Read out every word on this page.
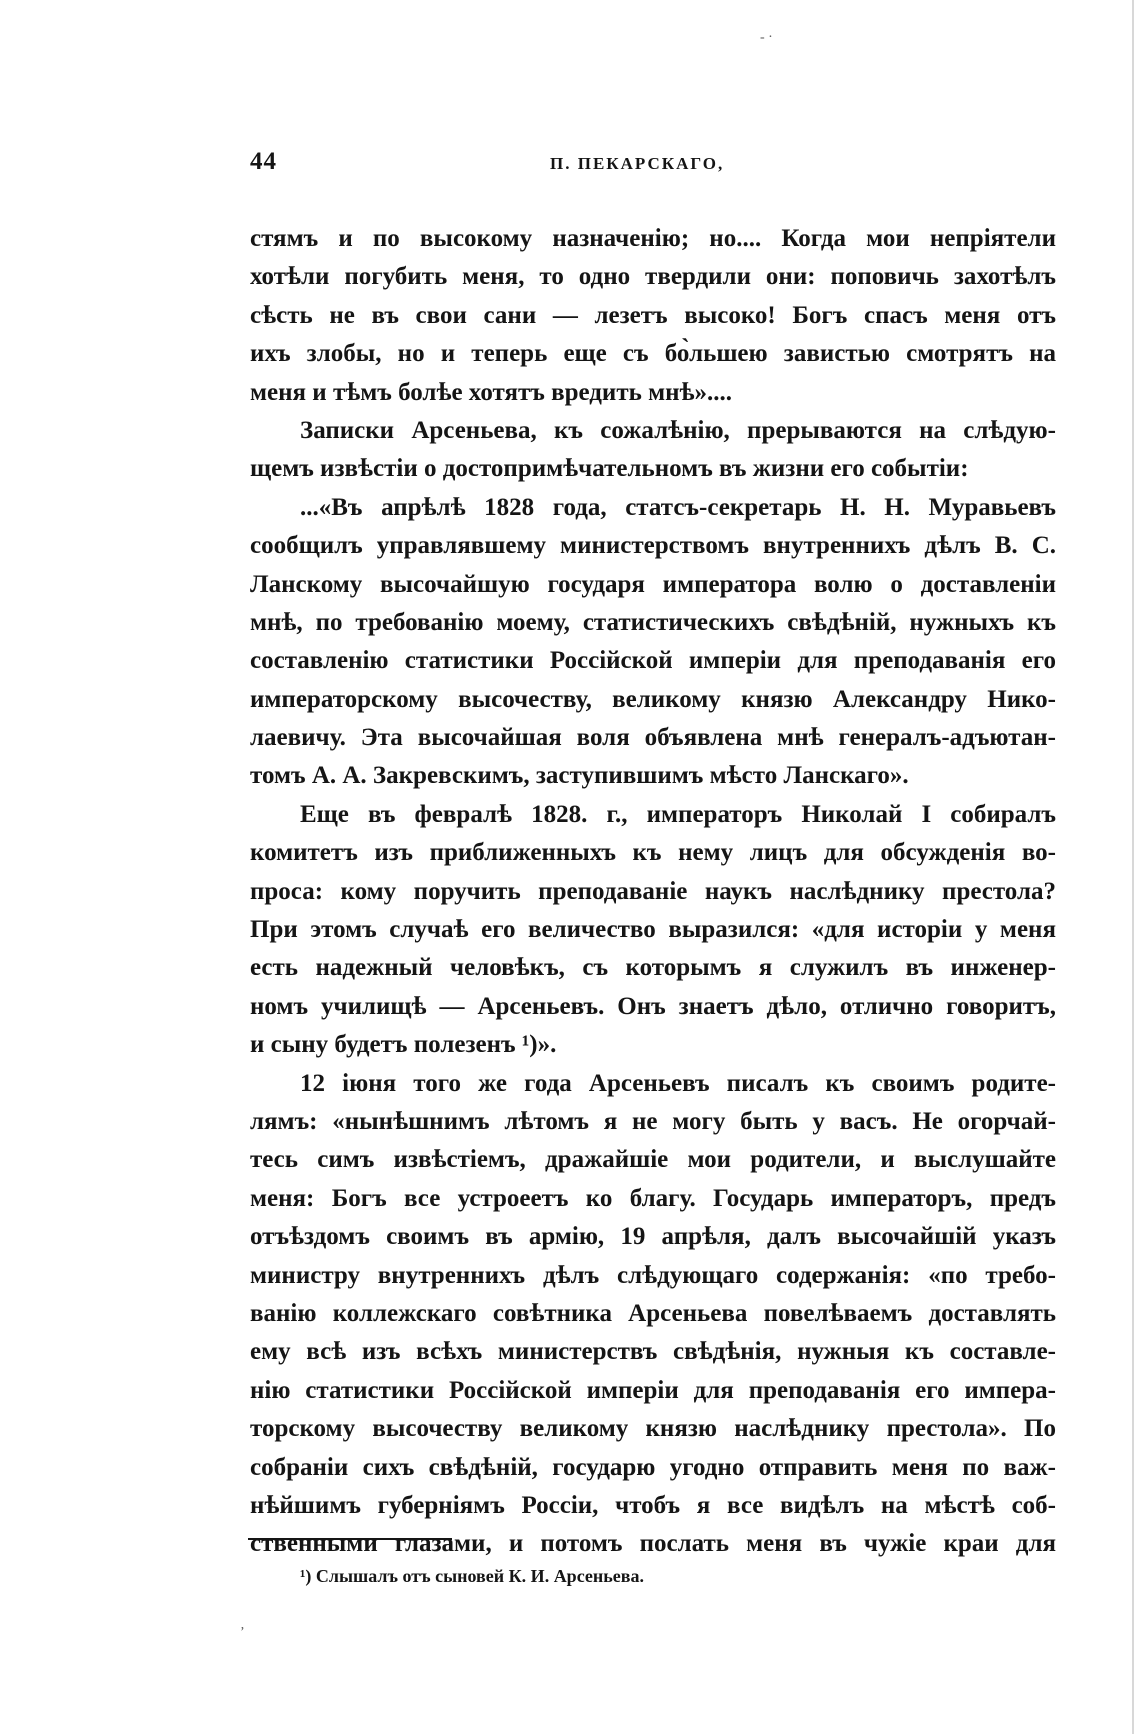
‐ ·
ʼ
44	П. ПЕКАРСКАГО,
стямъ и по высокому назначенію; но.... Когда мои непріятели
хотѣли погубить меня, то одно твердили они: поповичь захотѣлъ
сѣсть не въ свои сани — лезетъ высоко! Богъ спасъ меня отъ
ихъ злобы, но и теперь еще съ бо̀льшею завистью смотрятъ на
меня и тѣмъ болѣе хотятъ вредить мнѣ»....
Записки Арсеньева, къ сожалѣнію, прерываются на слѣдую-
щемъ извѣстіи о достопримѣчательномъ въ жизни его событіи:
...«Въ апрѣлѣ 1828 года, статсъ-секретарь Н. Н. Муравьевъ
сообщилъ управлявшему министерствомъ внутреннихъ дѣлъ В. С.
Ланскому высочайшую государя императора волю о доставленіи
мнѣ, по требованію моему, статистическихъ свѣдѣній, нужныхъ къ
составленію статистики Россійской имперіи для преподаванія его
императорскому высочеству, великому князю Александру Нико-
лаевичу. Эта высочайшая воля объявлена мнѣ генералъ-адъютан-
томъ А. А. Закревскимъ, заступившимъ мѣсто Ланскаго».
Еще въ февралѣ 1828. г., императоръ Николай I собиралъ
комитетъ изъ приближенныхъ къ нему лицъ для обсужденія во-
проса: кому поручить преподаваніе наукъ наслѣднику престола?
При этомъ случаѣ его величество выразился: «для исторіи у меня
есть надежный человѣкъ, съ которымъ я служилъ въ инженер-
номъ училищѣ — Арсеньевъ. Онъ знаетъ дѣло, отлично говоритъ,
и сыну будетъ полезенъ ¹)».
12 іюня того же года Арсеньевъ писалъ къ своимъ родите-
лямъ: «нынѣшнимъ лѣтомъ я не могу быть у васъ. Не огорчай-
тесь симъ извѣстіемъ, дражайшіе мои родители, и выслушайте
меня: Богъ все устроеетъ ко благу. Государь императоръ, предъ
отъѣздомъ своимъ въ армію, 19 апрѣля, далъ высочайшій указъ
министру внутреннихъ дѣлъ слѣдующаго содержанія: «по требо-
ванію коллежскаго совѣтника Арсеньева повелѣваемъ доставлять
ему всѣ изъ всѣхъ министерствъ свѣдѣнія, нужныя къ составле-
нію статистики Россійской имперіи для преподаванія его импера-
торскому высочеству великому князю наслѣднику престола». По
собраніи сихъ свѣдѣній, государю угодно отправить меня по важ-
нѣйшимъ губерніямъ Россіи, чтобъ я все видѣлъ на мѣстѣ соб-
ственными глазами, и потомъ послать меня въ чужіе краи для
¹) Слышалъ отъ сыновей К. И. Арсеньева.
